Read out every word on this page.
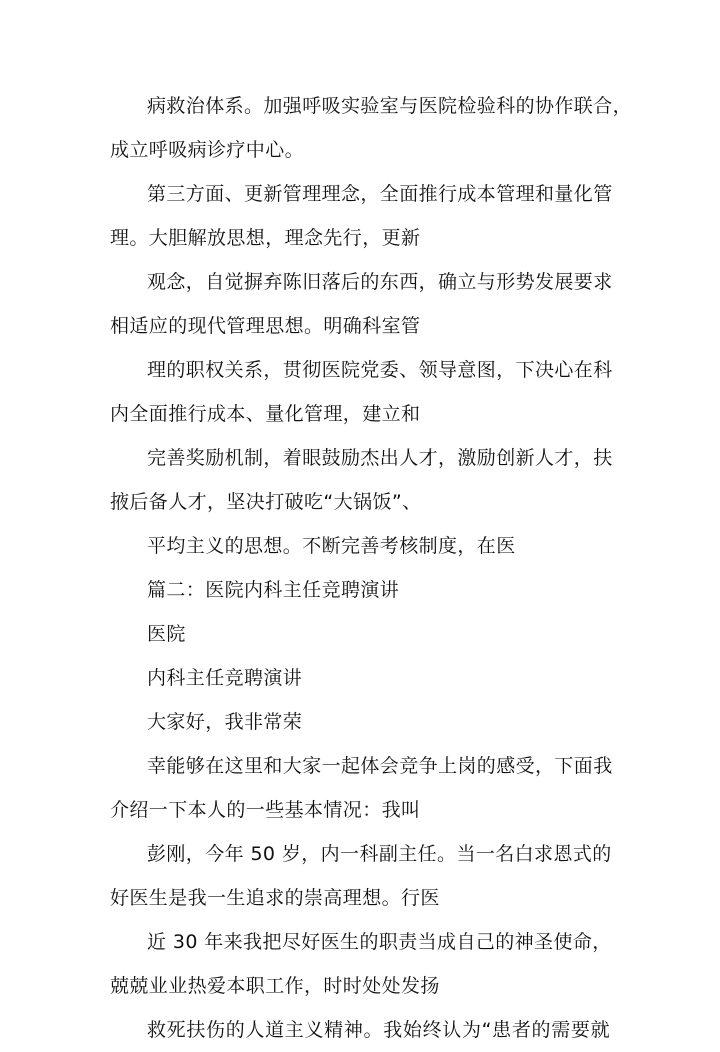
病救治体系。加强呼吸实验室与医院检验科的协作联合，
成立呼吸病诊疗中心。
第三方面、更新管理理念，全面推行成本管理和量化管
理。大胆解放思想，理念先行，更新
观念，自觉摒弃陈旧落后的东西，确立与形势发展要求
相适应的现代管理思想。明确科室管
理的职权关系，贯彻医院党委、领导意图，下决心在科
内全面推行成本、量化管理，建立和
完善奖励机制，着眼鼓励杰出人才，激励创新人才，扶
掖后备人才，坚决打破吃“大锅饭”、
平均主义的思想。不断完善考核制度，在医
篇二：医院内科主任竞聘演讲
医院
内科主任竞聘演讲
大家好，我非常荣
幸能够在这里和大家一起体会竞争上岗的感受，下面我
介绍一下本人的一些基本情况：我叫
彭刚，今年 50 岁，内一科副主任。当一名白求恩式的
好医生是我一生追求的崇高理想。行医
近 30 年来我把尽好医生的职责当成自己的神圣使命，
兢兢业业热爱本职工作，时时处处发扬
救死扶伤的人道主义精神。我始终认为“患者的需要就
